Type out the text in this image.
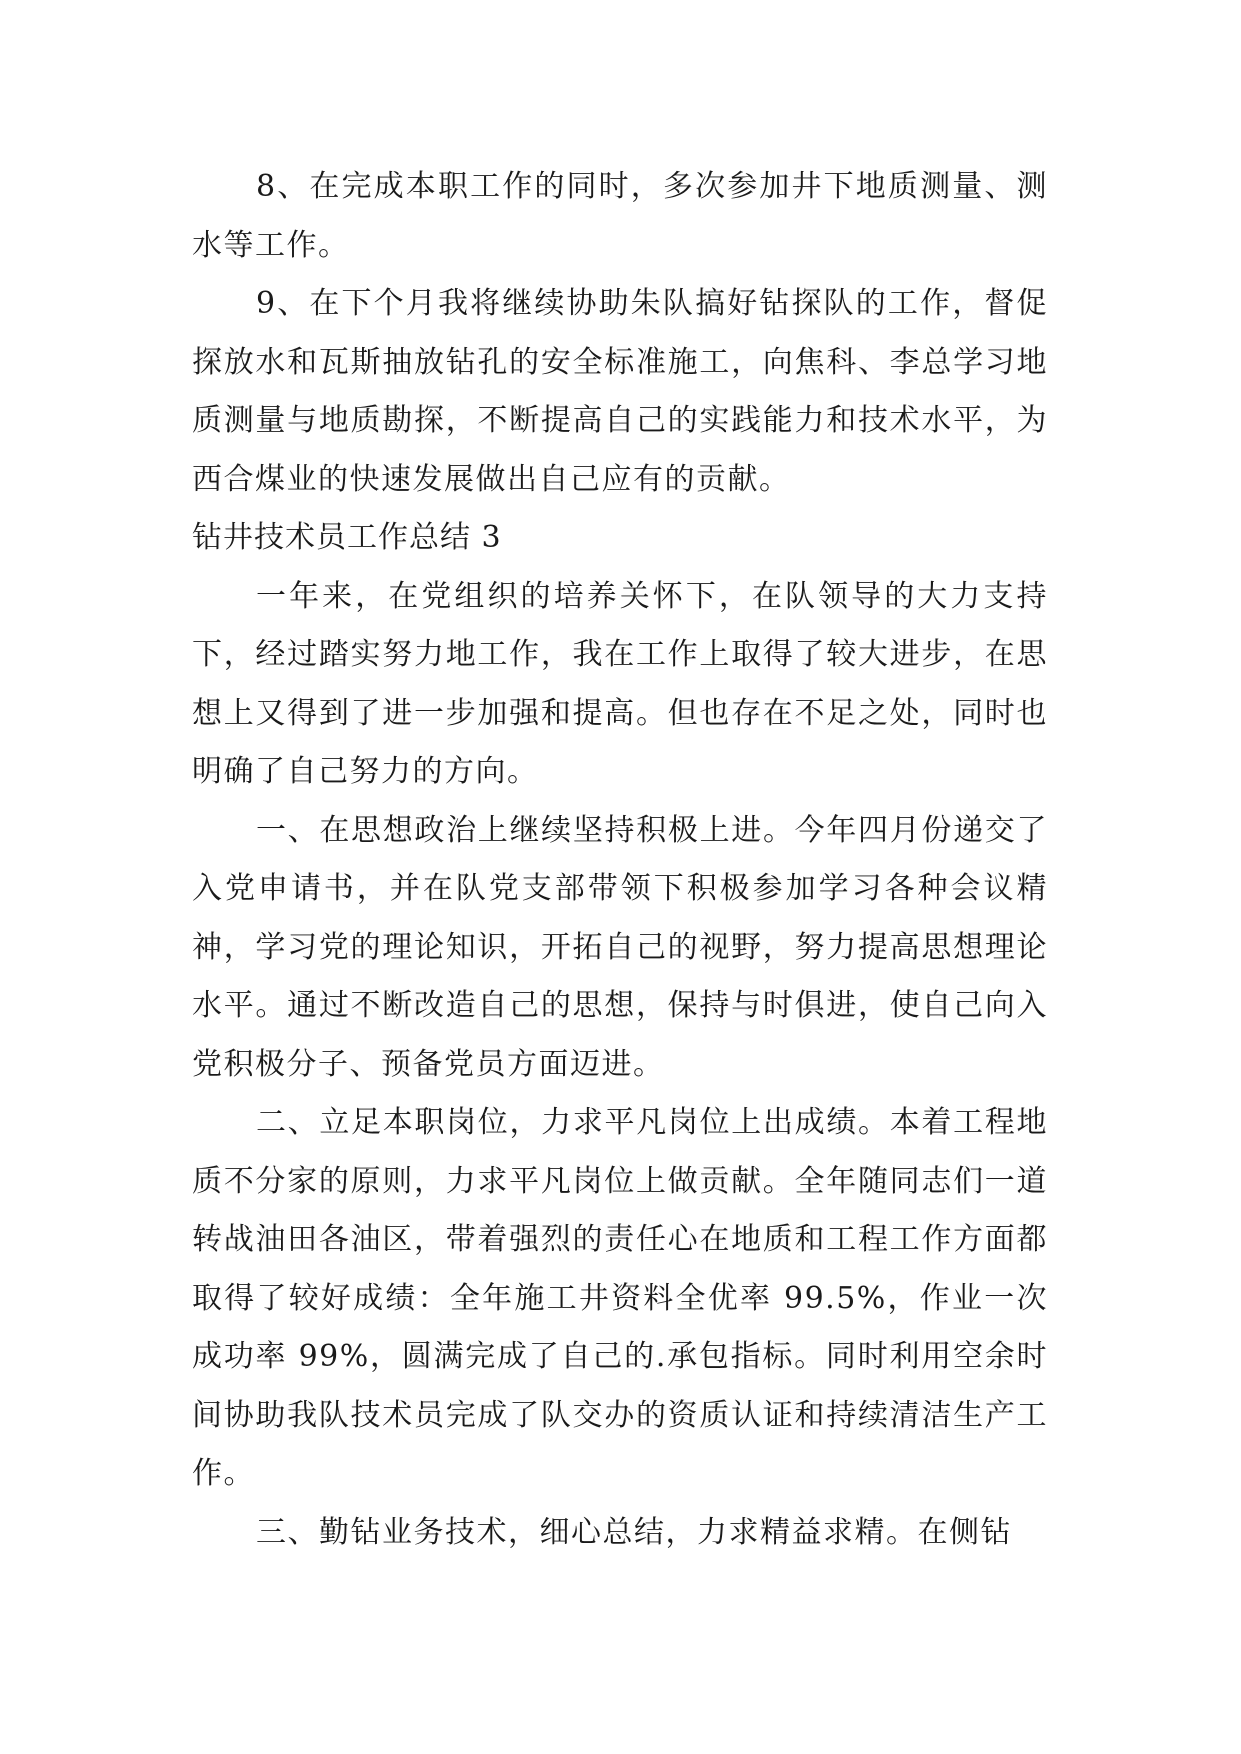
8、在完成本职工作的同时，多次参加井下地质测量、测水等工作。

9、在下个月我将继续协助朱队搞好钻探队的工作，督促探放水和瓦斯抽放钻孔的安全标准施工，向焦科、李总学习地质测量与地质勘探，不断提高自己的实践能力和技术水平，为西合煤业的快速发展做出自己应有的贡献。

钻井技术员工作总结 3

一年来，在党组织的培养关怀下，在队领导的大力支持下，经过踏实努力地工作，我在工作上取得了较大进步，在思想上又得到了进一步加强和提高。但也存在不足之处，同时也明确了自己努力的方向。

一、在思想政治上继续坚持积极上进。今年四月份递交了入党申请书，并在队党支部带领下积极参加学习各种会议精神，学习党的理论知识，开拓自己的视野，努力提高思想理论水平。通过不断改造自己的思想，保持与时俱进，使自己向入党积极分子、预备党员方面迈进。

二、立足本职岗位，力求平凡岗位上出成绩。本着工程地质不分家的原则，力求平凡岗位上做贡献。全年随同志们一道转战油田各油区，带着强烈的责任心在地质和工程工作方面都取得了较好成绩：全年施工井资料全优率 99.5%，作业一次成功率 99%，圆满完成了自己的.承包指标。同时利用空余时间协助我队技术员完成了队交办的资质认证和持续清洁生产工作。

三、勤钻业务技术，细心总结，力求精益求精。在侧钻
